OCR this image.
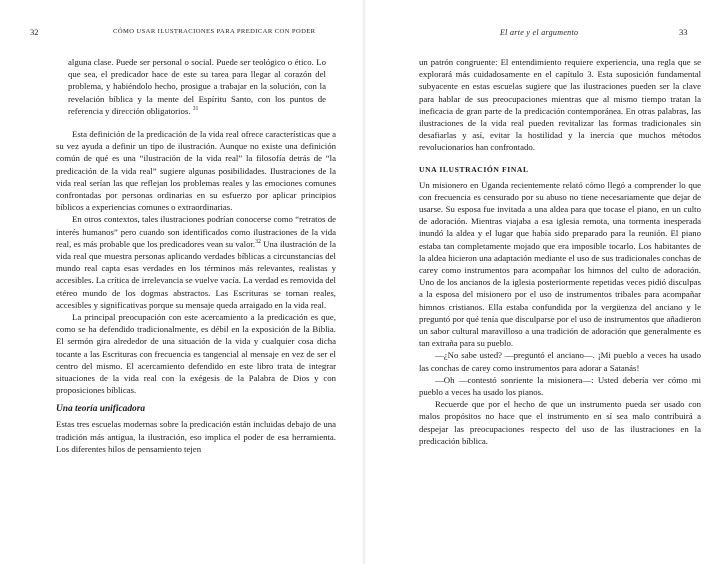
32	CÓMO USAR ILUSTRACIONES PARA PREDICAR CON PODER

alguna clase. Puede ser personal o social. Puede ser teológico o ético. Lo que sea, el predicador hace de este su tarea para llegar al corazón del problema, y habiéndolo hecho, prosigue a trabajar en la solución, con la revelación bíblica y la mente del Espíritu Santo, con los puntos de referencia y dirección obligatorios. $^{31}$

Esta definición de la predicación de la vida real ofrece características que a su vez ayuda a definir un tipo de ilustración. Aunque no existe una definición común de qué es una “ilustración de la vida real” la filosofía detrás de “la predicación de la vida real” sugiere algunas posibilidades. Ilustraciones de la vida real serían las que reflejan los problemas reales y las emociones comunes confrontadas por personas ordinarias en su esfuerzo por aplicar principios bíblicos a experiencias comunes o extraordinarias.

En otros contextos, tales ilustraciones podrían conocerse como “retratos de interés humanos” pero cuando son identificados como ilustraciones de la vida real, es más probable que los predicadores vean su valor.$^{32}$ Una ilustración de la vida real que muestra personas aplicando verdades bíblicas a circunstancias del mundo real capta esas verdades en los términos más relevantes, realistas y accesibles. La crítica de irrelevancia se vuelve vacía. La verdad es removida del etéreo mundo de los dogmas abstractos. Las Escrituras se tornan reales, accesibles y significativas porque su mensaje queda arraigado en la vida real.

La principal preocupación con este acercamiento a la predicación es que, como se ha defendido tradicionalmente, es débil en la exposición de la Biblia. El sermón gira alrededor de una situación de la vida y cualquier cosa dicha tocante a las Escrituras con frecuencia es tangencial al mensaje en vez de ser el centro del mismo. El acercamiento defendido en este libro trata de integrar situaciones de la vida real con la exégesis de la Palabra de Dios y con proposiciones bíblicas.

Una teoría unificadora

Estas tres escuelas modernas sobre la predicación están incluidas debajo de una tradición más antigua, la ilustración, eso implica el poder de esa herramienta. Los diferentes hilos de pensamiento tejen

El arte y el argumento	33

un patrón congruente: El entendimiento requiere experiencia, una regla que se explorará más cuidadosamente en el capítulo 3. Esta suposición fundamental subyacente en estas escuelas sugiere que las ilustraciones pueden ser la clave para hablar de sus preocupaciones mientras que al mismo tiempo tratan la ineficacia de gran parte de la predicación contemporánea. En otras palabras, las ilustraciones de la vida real pueden revitalizar las formas tradicionales sin desafiarlas y así, evitar la hostilidad y la inercia que muchos métodos revolucionarios han confrontado.

UNA ILUSTRACIÓN FINAL

Un misionero en Uganda recientemente relató cómo llegó a comprender lo que con frecuencia es censurado por su abuso no tiene necesariamente que dejar de usarse. Su esposa fue invitada a una aldea para que tocase el piano, en un culto de adoración. Mientras viajaba a esa iglesia remota, una tormenta inesperada inundó la aldea y el lugar que había sido preparado para la reunión. El piano estaba tan completamente mojado que era imposible tocarlo. Los habitantes de la aldea hicieron una adaptación mediante el uso de sus tradicionales conchas de carey como instrumentos para acompañar los himnos del culto de adoración. Uno de los ancianos de la iglesia posteriormente repetidas veces pidió disculpas a la esposa del misionero por el uso de instrumentos tribales para acompañar himnos cristianos. Ella estaba confundida por la vergüenza del anciano y le preguntó por qué tenía que disculparse por el uso de instrumentos que añadieron un sabor cultural maravilloso a una tradición de adoración que generalmente es tan extraña para su pueblo.

—¿No sabe usted? —preguntó el anciano—. ¡Mi pueblo a veces ha usado las conchas de carey como instrumentos para adorar a Satanás!

—Oh —contestó sonriente la misionera—: Usted debería ver cómo mi pueblo a veces ha usado los pianos.

Recuerde que por el hecho de que un instrumento pueda ser usado con malos propósitos no hace que el instrumento en sí sea malo contribuirá a despejar las preocupaciones respecto del uso de las ilustraciones en la predicación bíblica.
